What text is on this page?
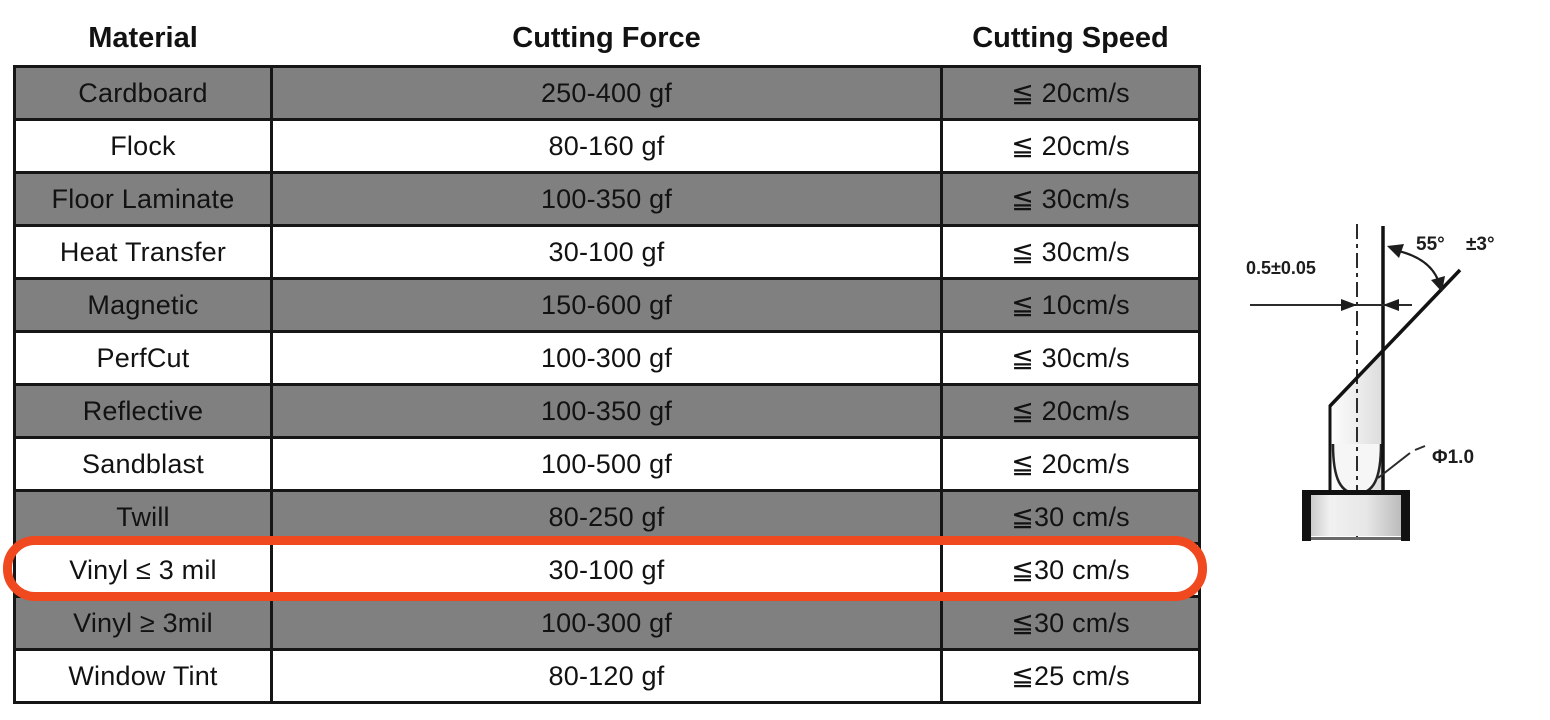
Material	Cutting Force	Cutting Speed
Cardboard	250-400 gf	≦ 20cm/s
Flock	80-160 gf	≦ 20cm/s
Floor Laminate	100-350 gf	≦ 30cm/s
Heat Transfer	30-100 gf	≦ 30cm/s
Magnetic	150-600 gf	≦ 10cm/s
PerfCut	100-300 gf	≦ 30cm/s
Reflective	100-350 gf	≦ 20cm/s
Sandblast	100-500 gf	≦ 20cm/s
Twill	80-250 gf	≦30 cm/s
Vinyl ≤ 3 mil	30-100 gf	≦30 cm/s
Vinyl ≥ 3mil	100-300 gf	≦30 cm/s
Window Tint	80-120 gf	≦25 cm/s
0.5±0.05
55° ±3°
Φ1.0
